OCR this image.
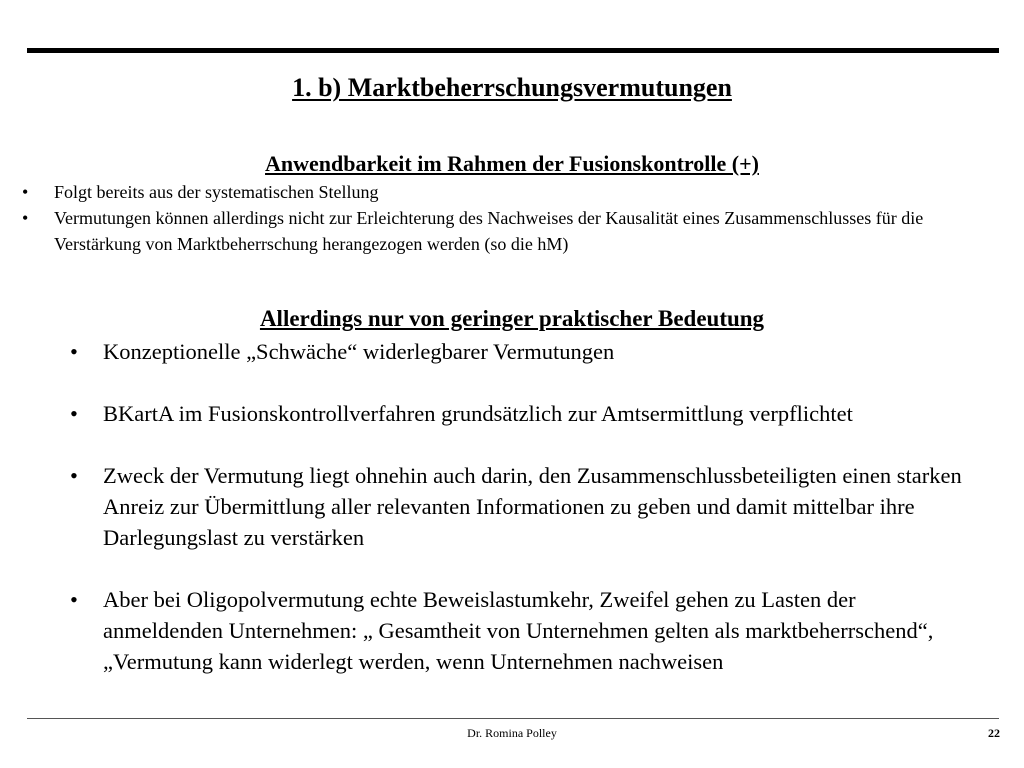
1. b) Marktbeherrschungsvermutungen
Anwendbarkeit im Rahmen der Fusionskontrolle (+)
• Folgt bereits aus der systematischen Stellung
• Vermutungen können allerdings nicht zur Erleichterung des Nachweises der Kausalität eines Zusammenschlusses für die Verstärkung von Marktbeherrschung herangezogen werden (so die hM)
Allerdings nur von geringer praktischer Bedeutung
• Konzeptionelle „Schwäche“ widerlegbarer Vermutungen
• BKartA im Fusionskontrollverfahren grundsätzlich zur Amtsermittlung verpflichtet
• Zweck der Vermutung liegt ohnehin auch darin, den Zusammenschlussbeteiligten einen starken Anreiz zur Übermittlung aller relevanten Informationen zu geben und damit mittelbar ihre Darlegungslast zu verstärken
• Aber bei Oligopolvermutung echte Beweislastumkehr, Zweifel gehen zu Lasten der anmeldenden Unternehmen: „ Gesamtheit von Unternehmen gelten als marktbeherrschend“, „Vermutung kann widerlegt werden, wenn Unternehmen nachweisen
Dr. Romina Polley	22
